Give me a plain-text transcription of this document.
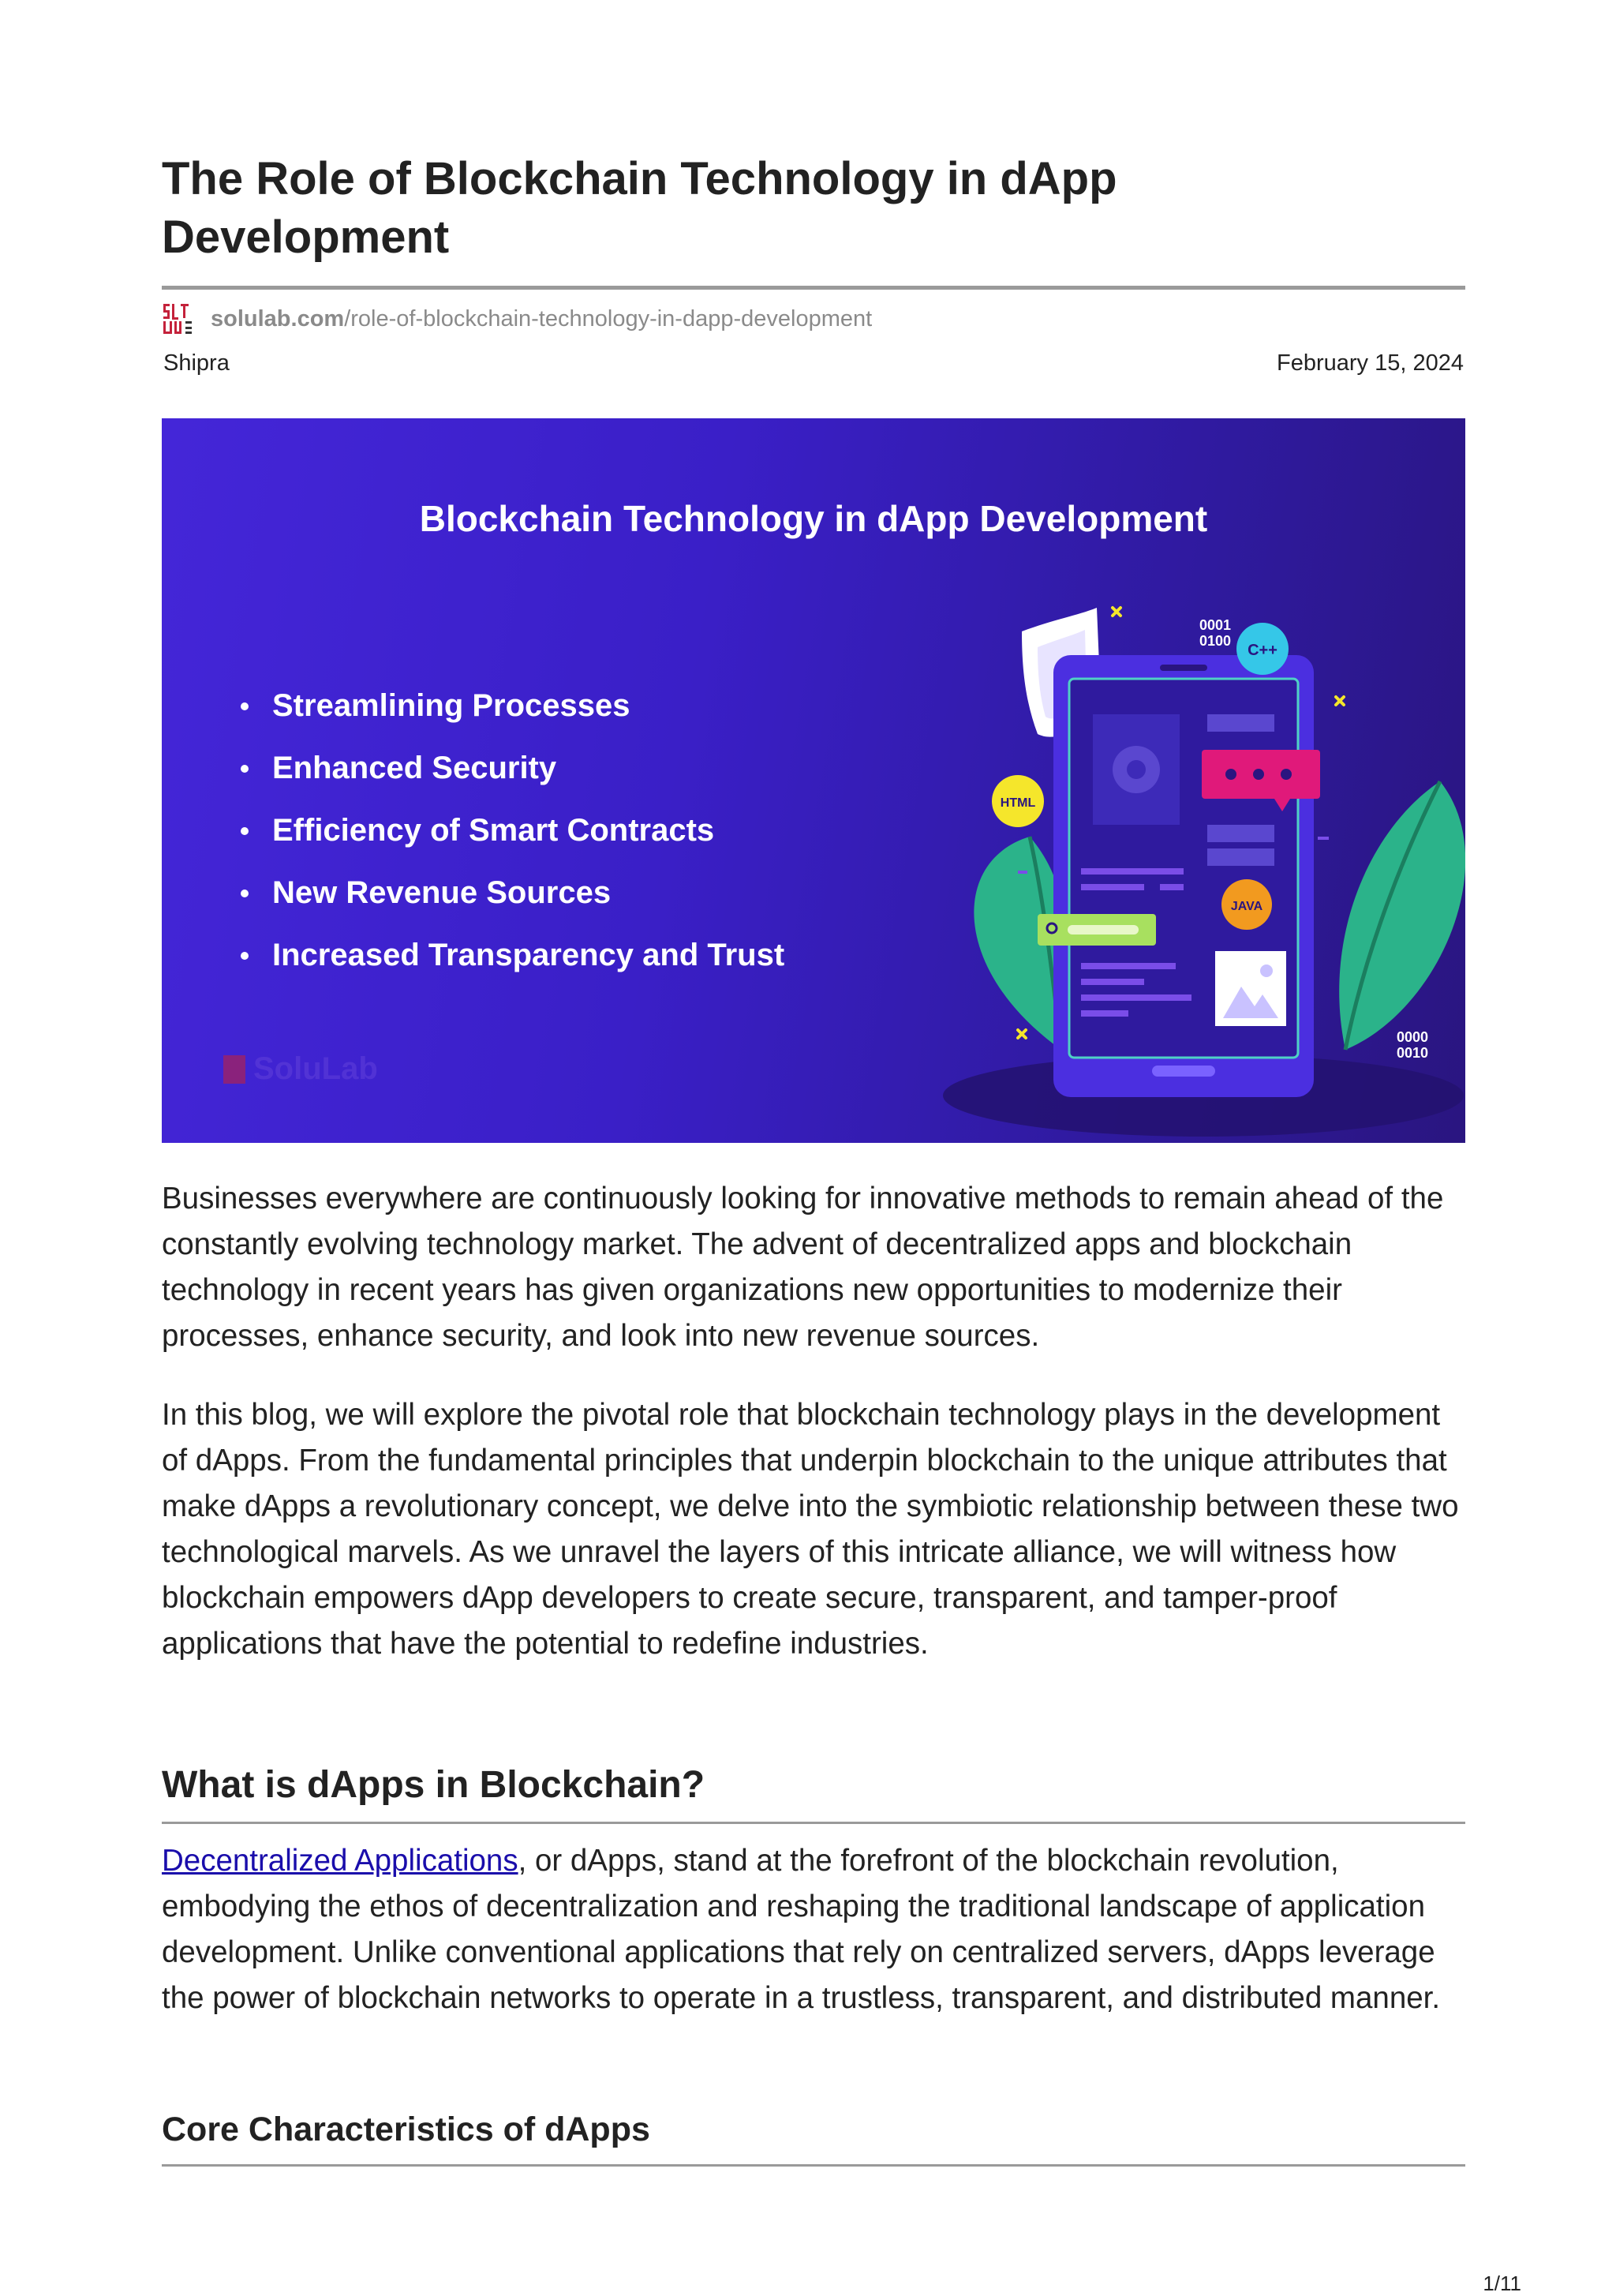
The Role of Blockchain Technology in dApp Development
solulab.com /role-of-blockchain-technology-in-dapp-development
Shipra	February 15, 2024
Blockchain Technology in dApp Development
Streamlining Processes
Enhanced Security
Efficiency of Smart Contracts
New Revenue Sources
Increased Transparency and Trust
SoluLab
C++
HTML
JAVA
0001
0100
0000
0010

Businesses everywhere are continuously looking for innovative methods to remain ahead of the constantly evolving technology market. The advent of decentralized apps and blockchain technology in recent years has given organizations new opportunities to modernize their processes, enhance security, and look into new revenue sources.

In this blog, we will explore the pivotal role that blockchain technology plays in the development of dApps. From the fundamental principles that underpin blockchain to the unique attributes that make dApps a revolutionary concept, we delve into the symbiotic relationship between these two technological marvels. As we unravel the layers of this intricate alliance, we will witness how blockchain empowers dApp developers to create secure, transparent, and tamper-proof applications that have the potential to redefine industries.

What is dApps in Blockchain?

Decentralized Applications, or dApps, stand at the forefront of the blockchain revolution, embodying the ethos of decentralization and reshaping the traditional landscape of application development. Unlike conventional applications that rely on centralized servers, dApps leverage the power of blockchain networks to operate in a trustless, transparent, and distributed manner.

Core Characteristics of dApps
1/11
